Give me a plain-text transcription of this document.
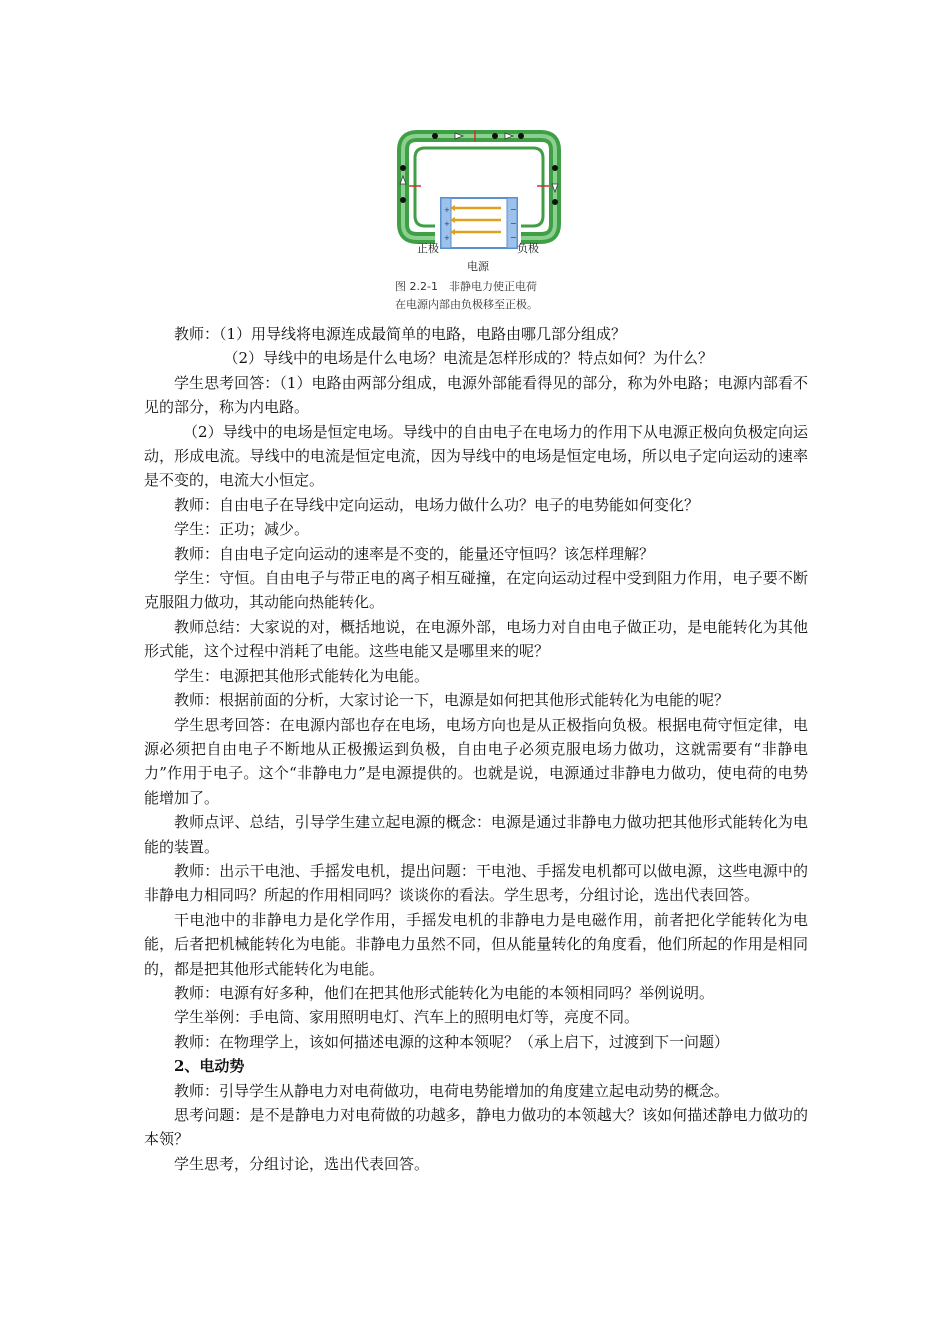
+
+
+
−
−
−
正极	负极
电源
图 2.2-1　非静电力使正电荷
在电源内部由负极移至正极。

教师：（1）用导线将电源连成最简单的电路，电路由哪几部分组成？

（2）导线中的电场是什么电场？电流是怎样形成的？特点如何？为什么？

学生思考回答：（1）电路由两部分组成，电源外部能看得见的部分，称为外电路；电源内部看不见的部分，称为内电路。

（2）导线中的电场是恒定电场。导线中的自由电子在电场力的作用下从电源正极向负极定向运动，形成电流。导线中的电流是恒定电流，因为导线中的电场是恒定电场，所以电子定向运动的速率是不变的，电流大小恒定。

教师：自由电子在导线中定向运动，电场力做什么功？电子的电势能如何变化？

学生：正功；减少。

教师：自由电子定向运动的速率是不变的，能量还守恒吗？该怎样理解？

学生：守恒。自由电子与带正电的离子相互碰撞，在定向运动过程中受到阻力作用，电子要不断克服阻力做功，其动能向热能转化。

教师总结：大家说的对，概括地说，在电源外部，电场力对自由电子做正功，是电能转化为其他形式能，这个过程中消耗了电能。这些电能又是哪里来的呢？

学生：电源把其他形式能转化为电能。

教师：根据前面的分析，大家讨论一下，电源是如何把其他形式能转化为电能的呢？

学生思考回答：在电源内部也存在电场，电场方向也是从正极指向负极。根据电荷守恒定律，电源必须把自由电子不断地从正极搬运到负极，自由电子必须克服电场力做功，这就需要有“非静电力”作用于电子。这个“非静电力”是电源提供的。也就是说，电源通过非静电力做功，使电荷的电势能增加了。

教师点评、总结，引导学生建立起电源的概念：电源是通过非静电力做功把其他形式能转化为电能的装置。

教师：出示干电池、手摇发电机，提出问题：干电池、手摇发电机都可以做电源，这些电源中的非静电力相同吗？所起的作用相同吗？谈谈你的看法。学生思考，分组讨论，选出代表回答。

干电池中的非静电力是化学作用，手摇发电机的非静电力是电磁作用，前者把化学能转化为电能，后者把机械能转化为电能。非静电力虽然不同，但从能量转化的角度看，他们所起的作用是相同的，都是把其他形式能转化为电能。

教师：电源有好多种，他们在把其他形式能转化为电能的本领相同吗？举例说明。

学生举例：手电筒、家用照明电灯、汽车上的照明电灯等，亮度不同。

教师：在物理学上，该如何描述电源的这种本领呢？（承上启下，过渡到下一问题）

2、电动势

教师：引导学生从静电力对电荷做功，电荷电势能增加的角度建立起电动势的概念。

思考问题：是不是静电力对电荷做的功越多，静电力做功的本领越大？该如何描述静电力做功的本领？

学生思考，分组讨论，选出代表回答。
